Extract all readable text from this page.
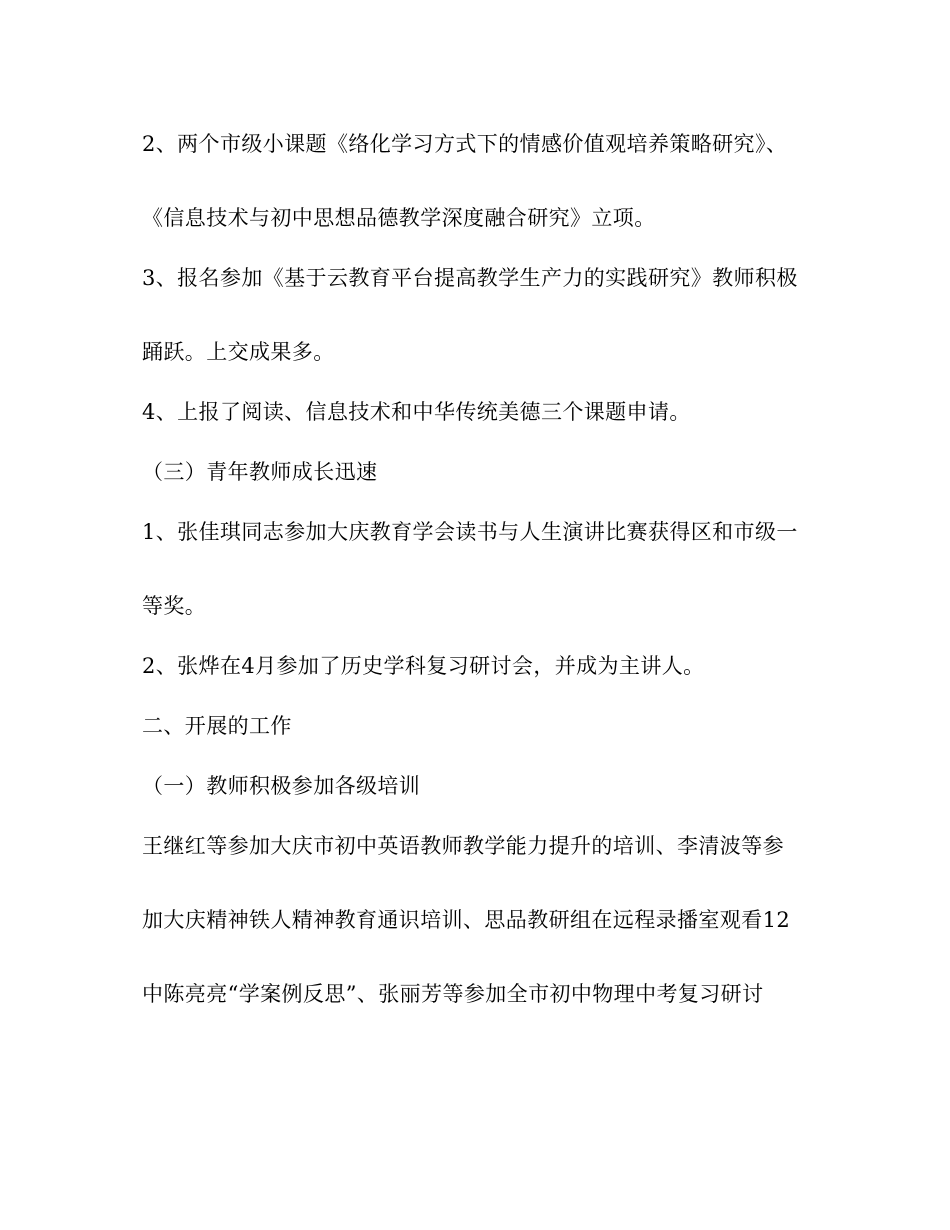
2、两个市级小课题《络化学习方式下的情感价值观培养策略研究》、
《信息技术与初中思想品德教学深度融合研究》立项。
3、报名参加《基于云教育平台提高教学生产力的实践研究》教师积极
踊跃。上交成果多。
4、上报了阅读、信息技术和中华传统美德三个课题申请。
（三）青年教师成长迅速
1、张佳琪同志参加大庆教育学会读书与人生演讲比赛获得区和市级一
等奖。
2、张烨在4月参加了历史学科复习研讨会，并成为主讲人。
二、开展的工作
（一）教师积极参加各级培训
王继红等参加大庆市初中英语教师教学能力提升的培训、李清波等参
加大庆精神铁人精神教育通识培训、思品教研组在远程录播室观看12
中陈亮亮“学案例反思”、张丽芳等参加全市初中物理中考复习研讨
